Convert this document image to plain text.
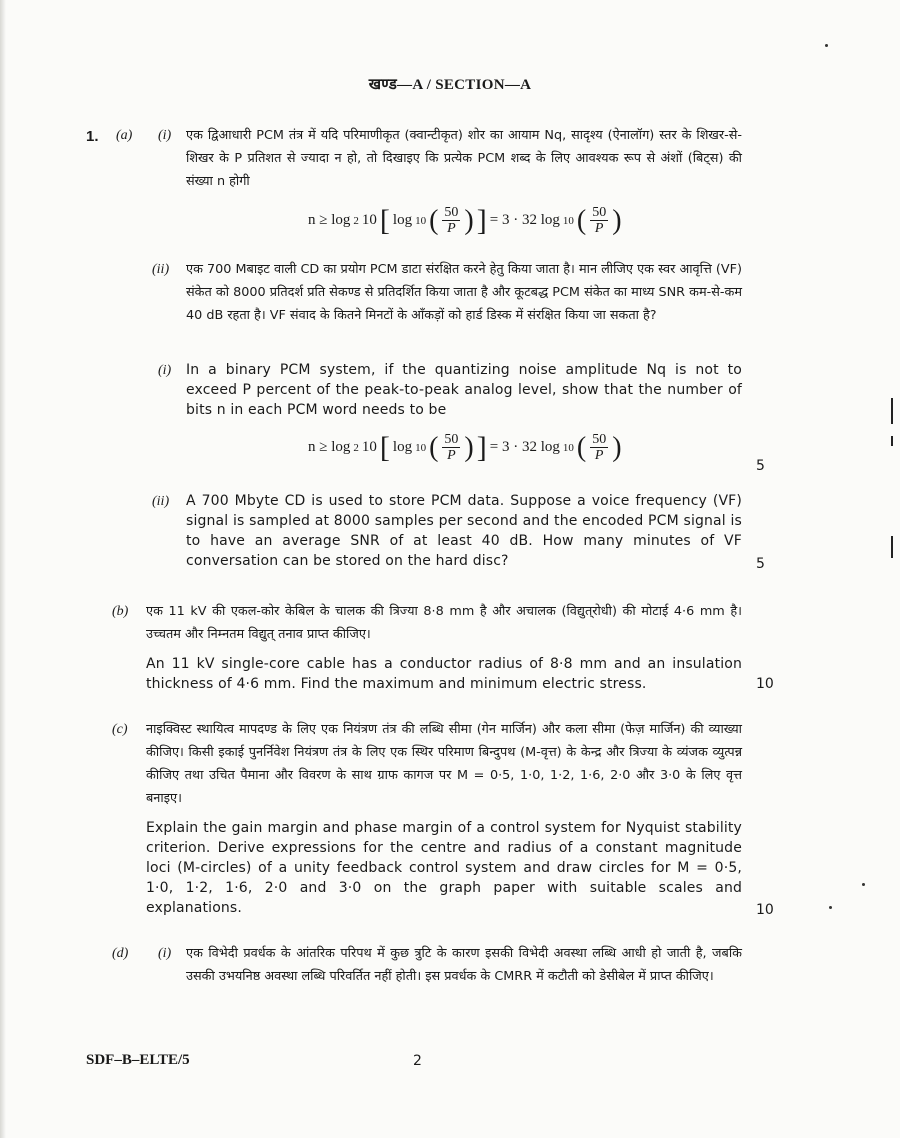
खण्ड—A / SECTION—A
1. (a) (i) एक द्विआधारी PCM तंत्र में यदि परिमाणीकृत (क्वान्टीकृत) शोर का आयाम Nq, सादृश्य (ऐनालॉग) स्तर के शिखर-से-शिखर के P प्रतिशत से ज्यादा न हो, तो दिखाइए कि प्रत्येक PCM शब्द के लिए आवश्यक रूप से अंशों (बिट्स) की संख्या n होगी
n ≥ log 2 10 [ log 10 ( $\frac{50}{P}$ ) ] = 3 · 32 log 10 ( $\frac{50}{P}$ )
(ii) एक 700 Mबाइट वाली CD का प्रयोग PCM डाटा संरक्षित करने हेतु किया जाता है। मान लीजिए एक स्वर आवृत्ति (VF) संकेत को 8000 प्रतिदर्श प्रति सेकण्ड से प्रतिदर्शित किया जाता है और कूटबद्ध PCM संकेत का माध्य SNR कम-से-कम 40 dB रहता है। VF संवाद के कितने मिनटों के आँकड़ों को हार्ड डिस्क में संरक्षित किया जा सकता है?
(i) In a binary PCM system, if the quantizing noise amplitude Nq is not to exceed P percent of the peak-to-peak analog level, show that the number of bits n in each PCM word needs to be
n ≥ log 2 10 [ log 10 ( $\frac{50}{P}$ ) ] = 3 · 32 log 10 ( $\frac{50}{P}$ )
5
(ii) A 700 Mbyte CD is used to store PCM data. Suppose a voice frequency (VF) signal is sampled at 8000 samples per second and the encoded PCM signal is to have an average SNR of at least 40 dB. How many minutes of VF conversation can be stored on the hard disc?	5
(b) एक 11 kV की एकल-कोर केबिल के चालक की त्रिज्या 8·8 mm है और अचालक (विद्युत्‌रोधी) की मोटाई 4·6 mm है। उच्चतम और निम्नतम विद्युत्‌ तनाव प्राप्त कीजिए।
An 11 kV single-core cable has a conductor radius of 8·8 mm and an insulation thickness of 4·6 mm. Find the maximum and minimum electric stress.	10
(c) नाइक्विस्ट स्थायित्व मापदण्ड के लिए एक नियंत्रण तंत्र की लब्धि सीमा (गेन मार्जिन) और कला सीमा (फेज़ मार्जिन) की व्याख्या कीजिए। किसी इकाई पुनर्निवेश नियंत्रण तंत्र के लिए एक स्थिर परिमाण बिन्दुपथ (M-वृत्त) के केन्द्र और त्रिज्या के व्यंजक व्युत्पन्न कीजिए तथा उचित पैमाना और विवरण के साथ ग्राफ कागज पर M = 0·5, 1·0, 1·2, 1·6, 2·0 और 3·0 के लिए वृत्त बनाइए।
Explain the gain margin and phase margin of a control system for Nyquist stability criterion. Derive expressions for the centre and radius of a constant magnitude loci (M-circles) of a unity feedback control system and draw circles for M = 0·5, 1·0, 1·2, 1·6, 2·0 and 3·0 on the graph paper with suitable scales and explanations.	10
(d) (i) एक विभेदी प्रवर्धक के आंतरिक परिपथ में कुछ त्रुटि के कारण इसकी विभेदी अवस्था लब्धि आधी हो जाती है, जबकि उसकी उभयनिष्ठ अवस्था लब्धि परिवर्तित नहीं होती। इस प्रवर्धक के CMRR में कटौती को डेसीबेल में प्राप्त कीजिए।
SDF–B–ELTE/5	2
